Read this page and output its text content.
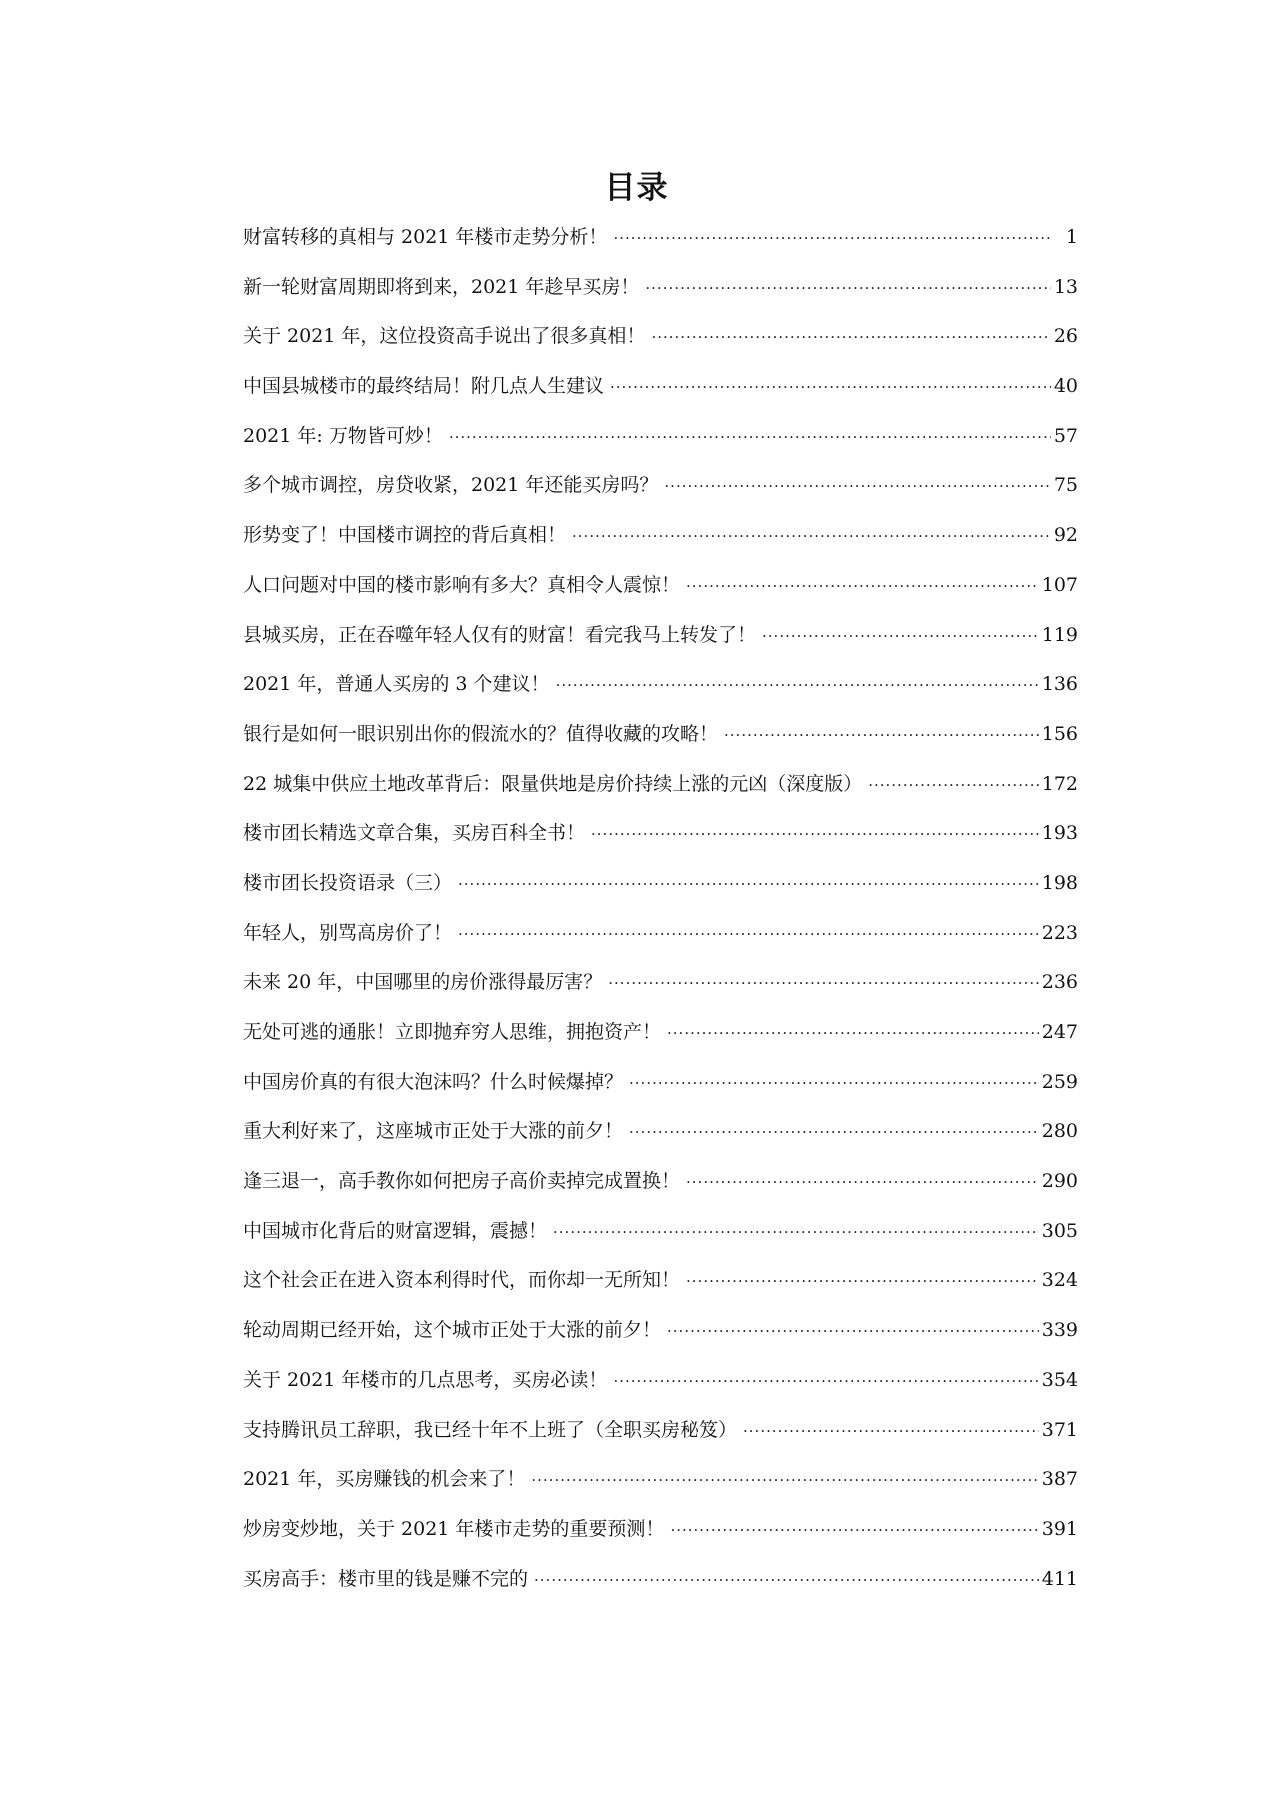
目录
财富转移的真相与 2021 年楼市走势分析！ ·····	1
新一轮财富周期即将到来，2021 年趁早买房！ ·····	13
关于 2021 年，这位投资高手说出了很多真相！ ·····	26
中国县城楼市的最终结局！附几点人生建议 ·····	40
2021 年: 万物皆可炒！ ·····	57
多个城市调控，房贷收紧，2021 年还能买房吗？ ·····	75
形势变了！中国楼市调控的背后真相！ ·····	92
人口问题对中国的楼市影响有多大？真相令人震惊！ ·····	107
县城买房，正在吞噬年轻人仅有的财富！看完我马上转发了！ ·····	119
2021 年，普通人买房的 3 个建议！ ·····	136
银行是如何一眼识别出你的假流水的？值得收藏的攻略！ ·····	156
22 城集中供应土地改革背后：限量供地是房价持续上涨的元凶（深度版） ·····	172
楼市团长精选文章合集，买房百科全书！ ·····	193
楼市团长投资语录（三） ·····	198
年轻人，别骂高房价了！ ·····	223
未来 20 年，中国哪里的房价涨得最厉害？ ·····	236
无处可逃的通胀！立即抛弃穷人思维，拥抱资产！ ·····	247
中国房价真的有很大泡沫吗？什么时候爆掉？ ·····	259
重大利好来了，这座城市正处于大涨的前夕！ ·····	280
逢三退一，高手教你如何把房子高价卖掉完成置换！ ·····	290
中国城市化背后的财富逻辑，震撼！ ·····	305
这个社会正在进入资本利得时代，而你却一无所知！ ·····	324
轮动周期已经开始，这个城市正处于大涨的前夕！ ·····	339
关于 2021 年楼市的几点思考，买房必读！ ·····	354
支持腾讯员工辞职，我已经十年不上班了（全职买房秘笈） ·····	371
2021 年，买房赚钱的机会来了！ ·····	387
炒房变炒地，关于 2021 年楼市走势的重要预测！ ·····	391
买房高手：楼市里的钱是赚不完的 ·····	411
